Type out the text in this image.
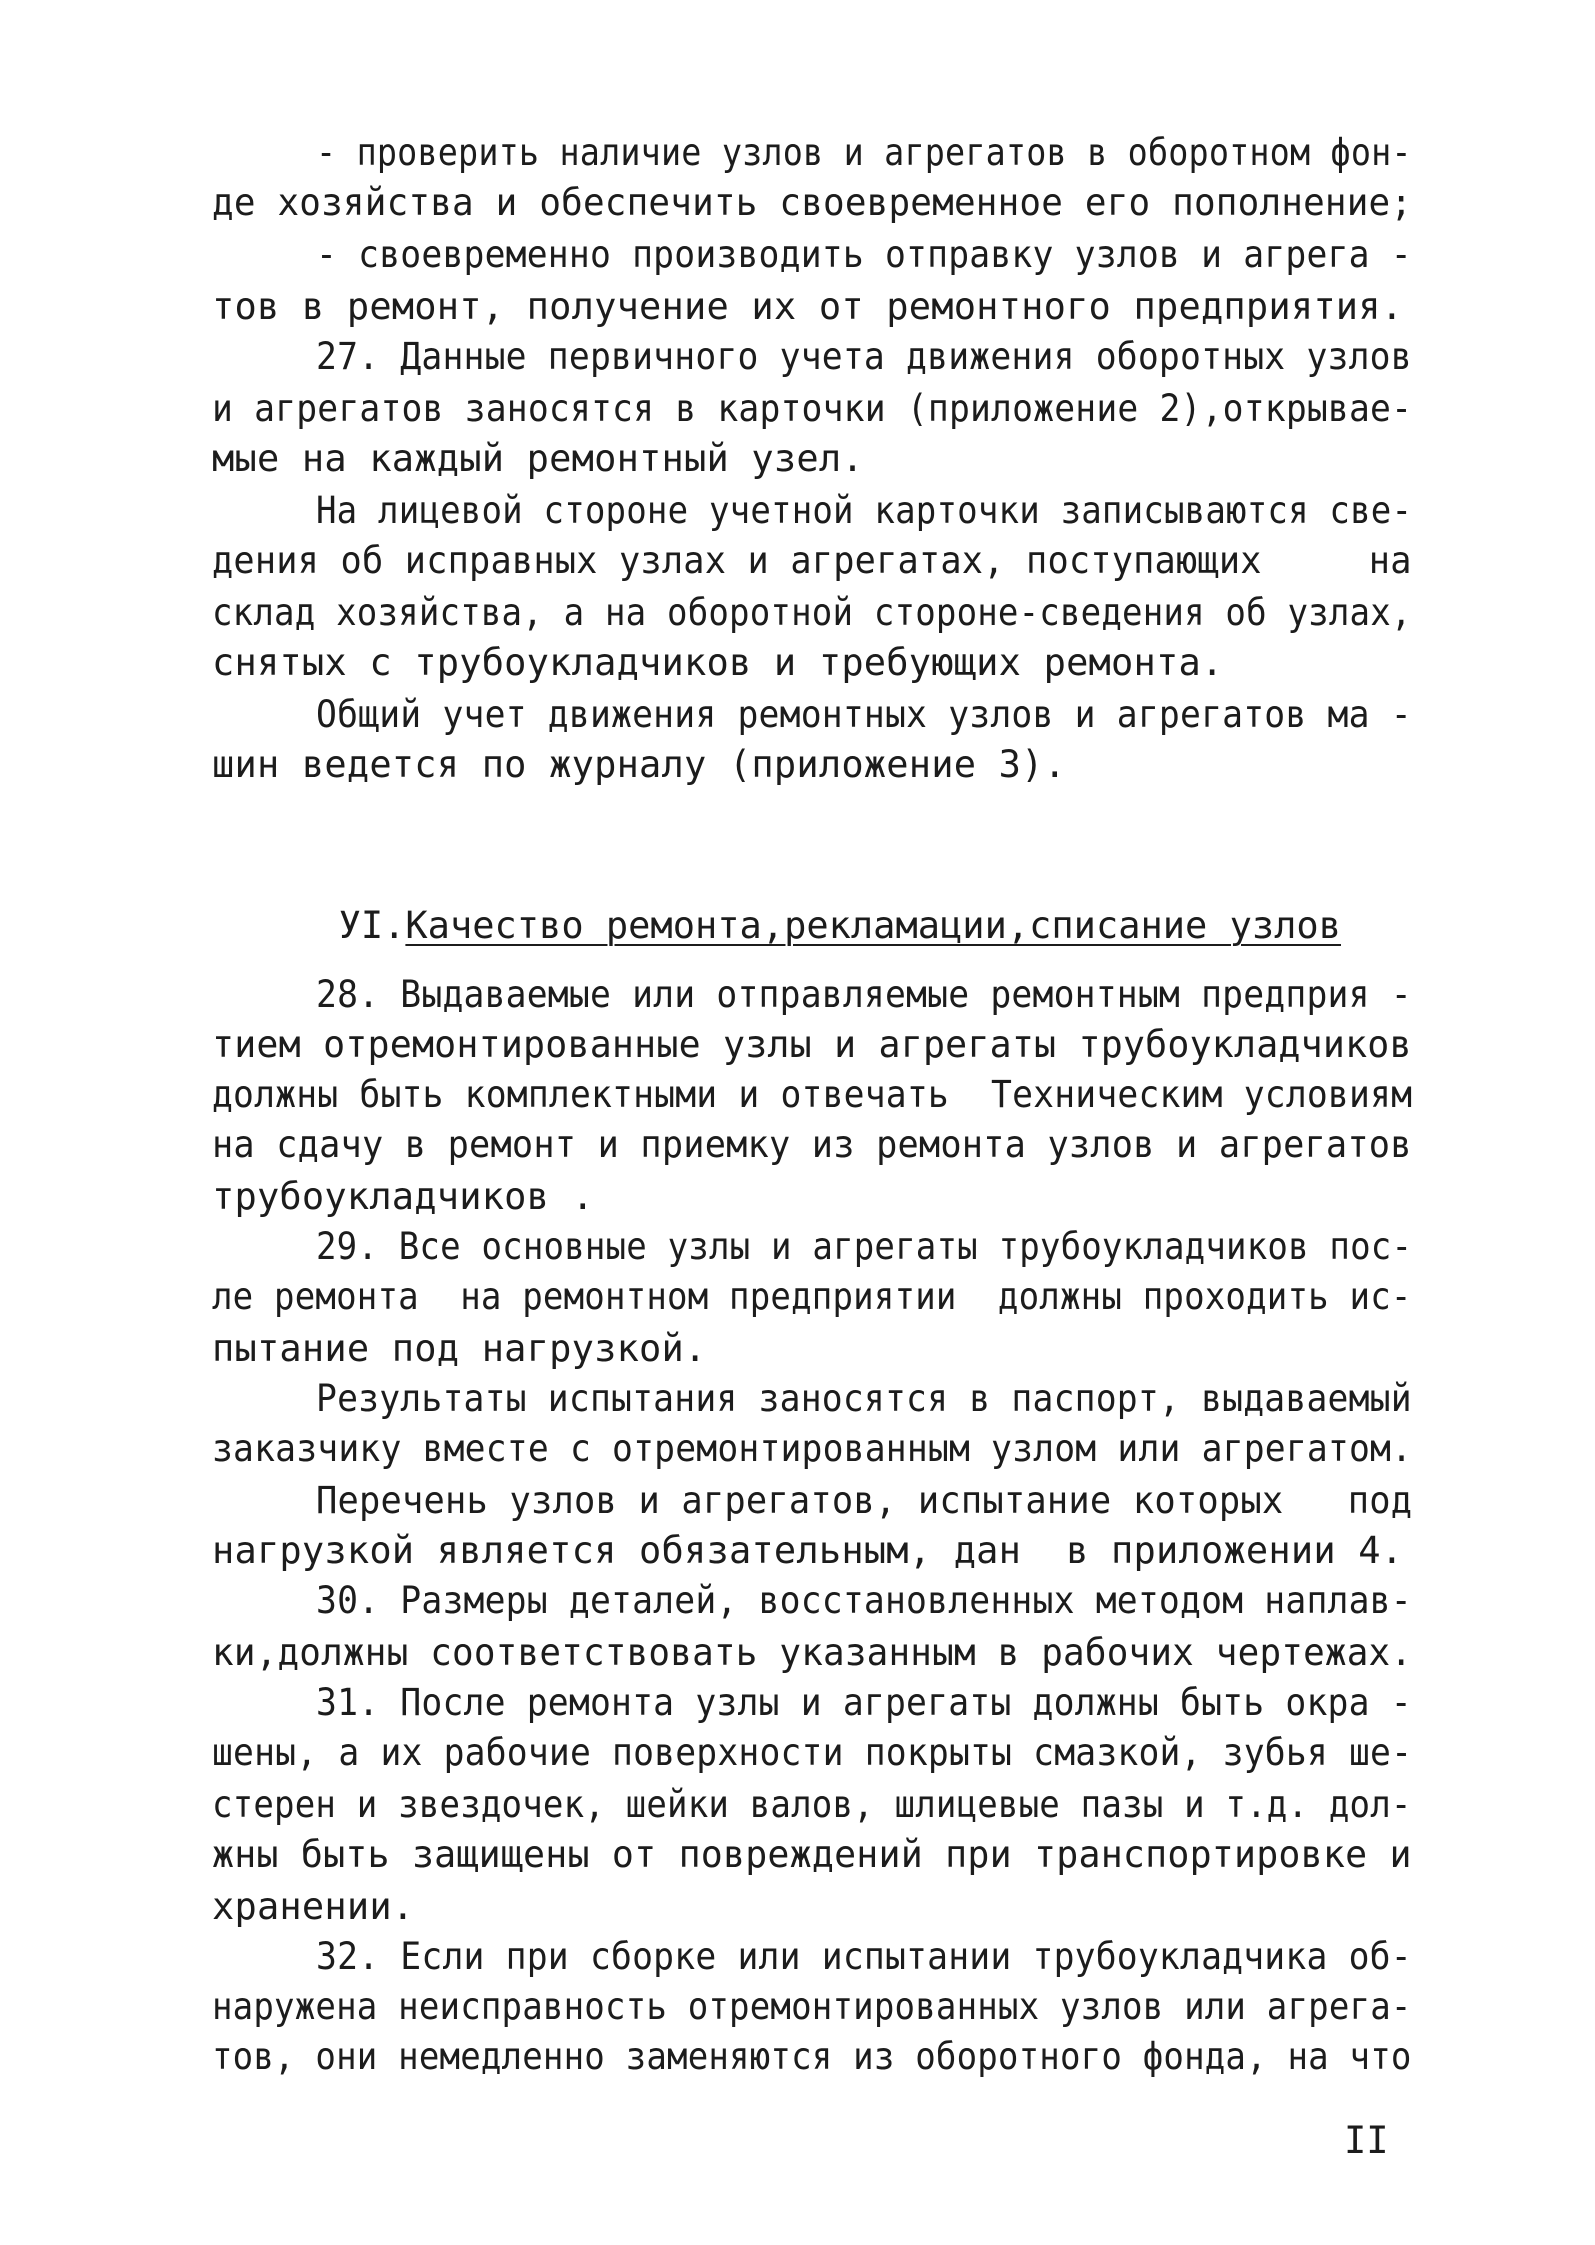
- проверить наличие узлов и агрегатов в оборотном фон-
де хозяйства и обеспечить своевременное его пополнение;
- своевременно производить отправку узлов и агрега -
тов в ремонт, получение их от ремонтного предприятия.
27. Данные первичного учета движения оборотных узлов
и агрегатов заносятся в карточки (приложение 2),открывае-
мые на каждый ремонтный узел.
На лицевой стороне учетной карточки записываются све-
дения об исправных узлах и агрегатах, поступающих     на
склад хозяйства, а на оборотной стороне-сведения об узлах,
снятых с трубоукладчиков и требующих ремонта.
Общий учет движения ремонтных узлов и агрегатов ма -
шин ведется по журналу (приложение 3).

УI.Качество ремонта,рекламации,списание узлов

28. Выдаваемые или отправляемые ремонтным предприя -
тием отремонтированные узлы и агрегаты трубоукладчиков
должны быть комплектными и отвечать  Техническим условиям
на сдачу в ремонт и приемку из ремонта узлов и агрегатов
трубоукладчиков .
29. Все основные узлы и агрегаты трубоукладчиков пос-
ле ремонта  на ремонтном предприятии  должны проходить ис-
пытание под нагрузкой.
Результаты испытания заносятся в паспорт, выдаваемый
заказчику вместе с отремонтированным узлом или агрегатом.
Перечень узлов и агрегатов, испытание которых   под
нагрузкой является обязательным, дан  в приложении 4.
30. Размеры деталей, восстановленных методом наплав-
ки,должны соответствовать указанным в рабочих чертежах.
31. После ремонта узлы и агрегаты должны быть окра -
шены, а их рабочие поверхности покрыты смазкой, зубья ше-
стерен и звездочек, шейки валов, шлицевые пазы и т.д. дол-
жны быть защищены от повреждений при транспортировке и
хранении.
32. Если при сборке или испытании трубоукладчика об-
наружена неисправность отремонтированных узлов или агрега-
тов, они немедленно заменяются из оборотного фонда, на что
II
